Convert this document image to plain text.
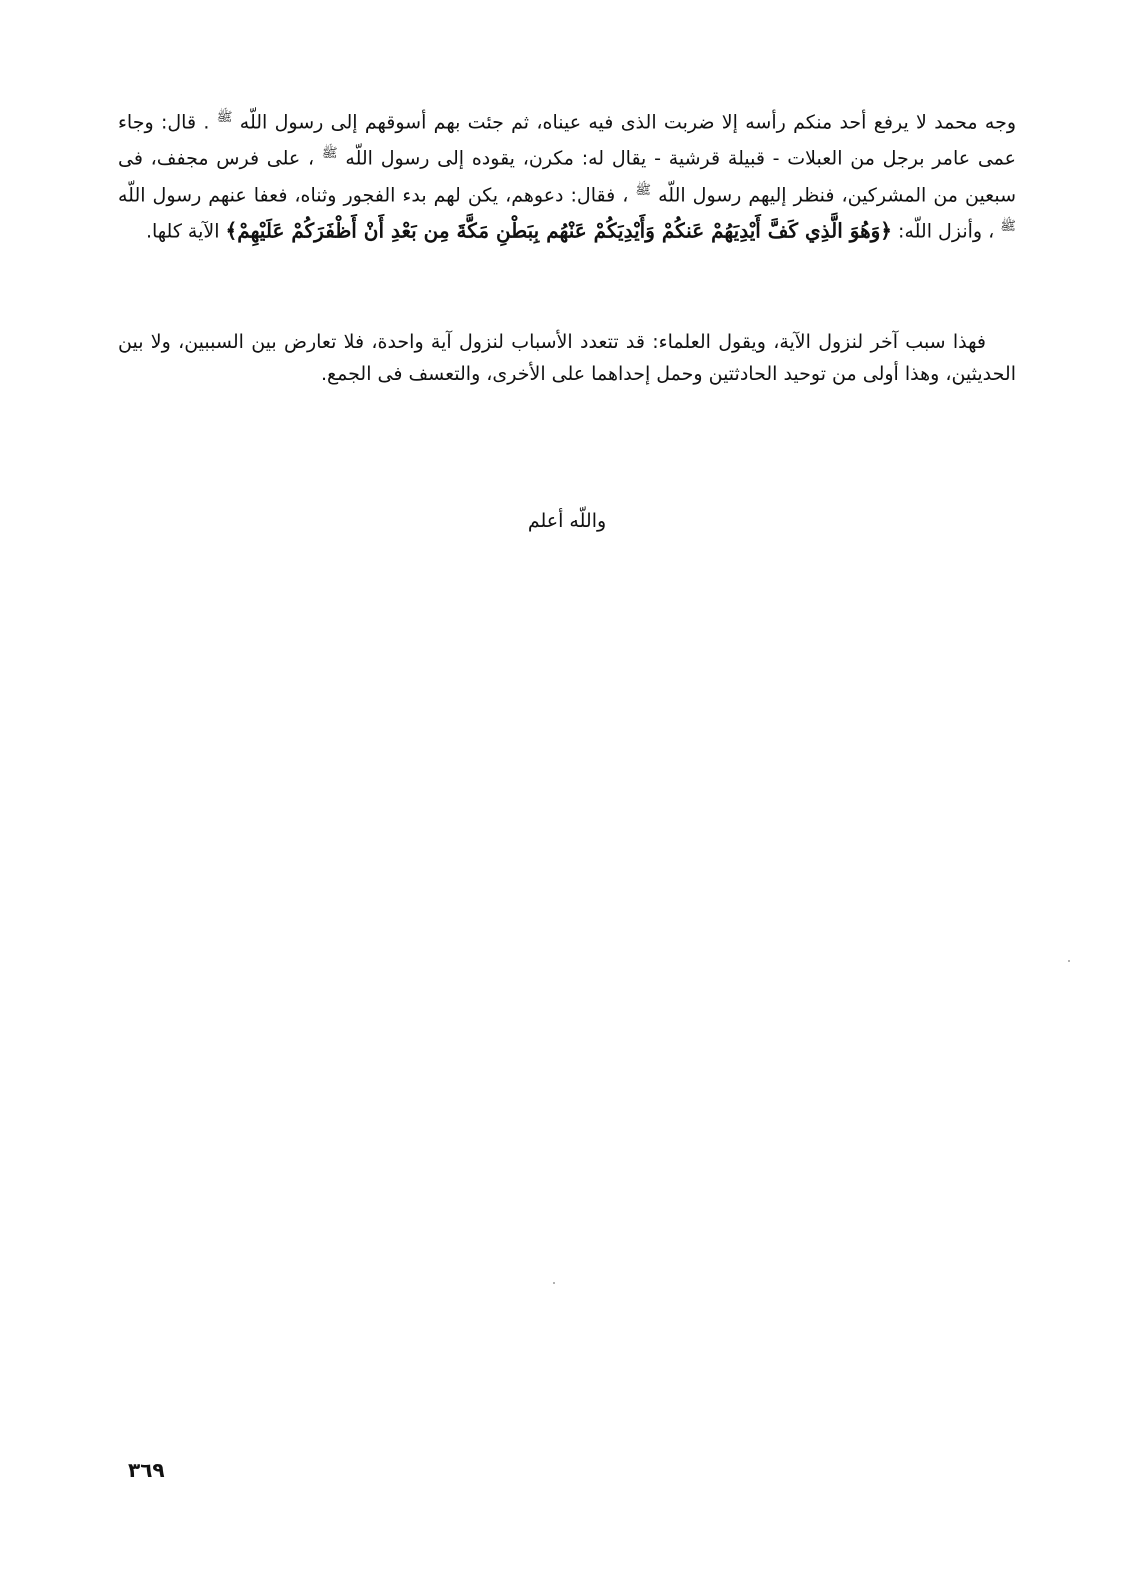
وجه محمد لا يرفع أحد منكم رأسه إلا ضربت الذى فيه عيناه، ثم جئت بهم أسوقهم إلى رسول اللّه $^ﷺ$ . قال: وجاء عمى عامر برجل من العبلات - قبيلة قرشية - يقال له: مكرن، يقوده إلى رسول اللّه $^ﷺ$ ، على فرس مجفف، فى سبعين من المشركين، فنظر إليهم رسول اللّه $^ﷺ$ ، فقال: دعوهم، يكن لهم بدء الفجور وثناه، فعفا عنهم رسول اللّه $^ﷺ$ ، وأنزل اللّه: ﴿وَهُوَ الَّذِي كَفَّ أَيْدِيَهُمْ عَنكُمْ وَأَيْدِيَكُمْ عَنْهُم بِبَطْنِ مَكَّةَ مِن بَعْدِ أَنْ أَظْفَرَكُمْ عَلَيْهِمْ﴾ الآية كلها.
فهذا سبب آخر لنزول الآية، ويقول العلماء: قد تتعدد الأسباب لنزول آية واحدة، فلا تعارض بين السببين، ولا بين الحديثين، وهذا أولى من توحيد الحادثتين وحمل إحداهما على الأخرى، والتعسف فى الجمع.
واللّه أعلم
٣٦٩
